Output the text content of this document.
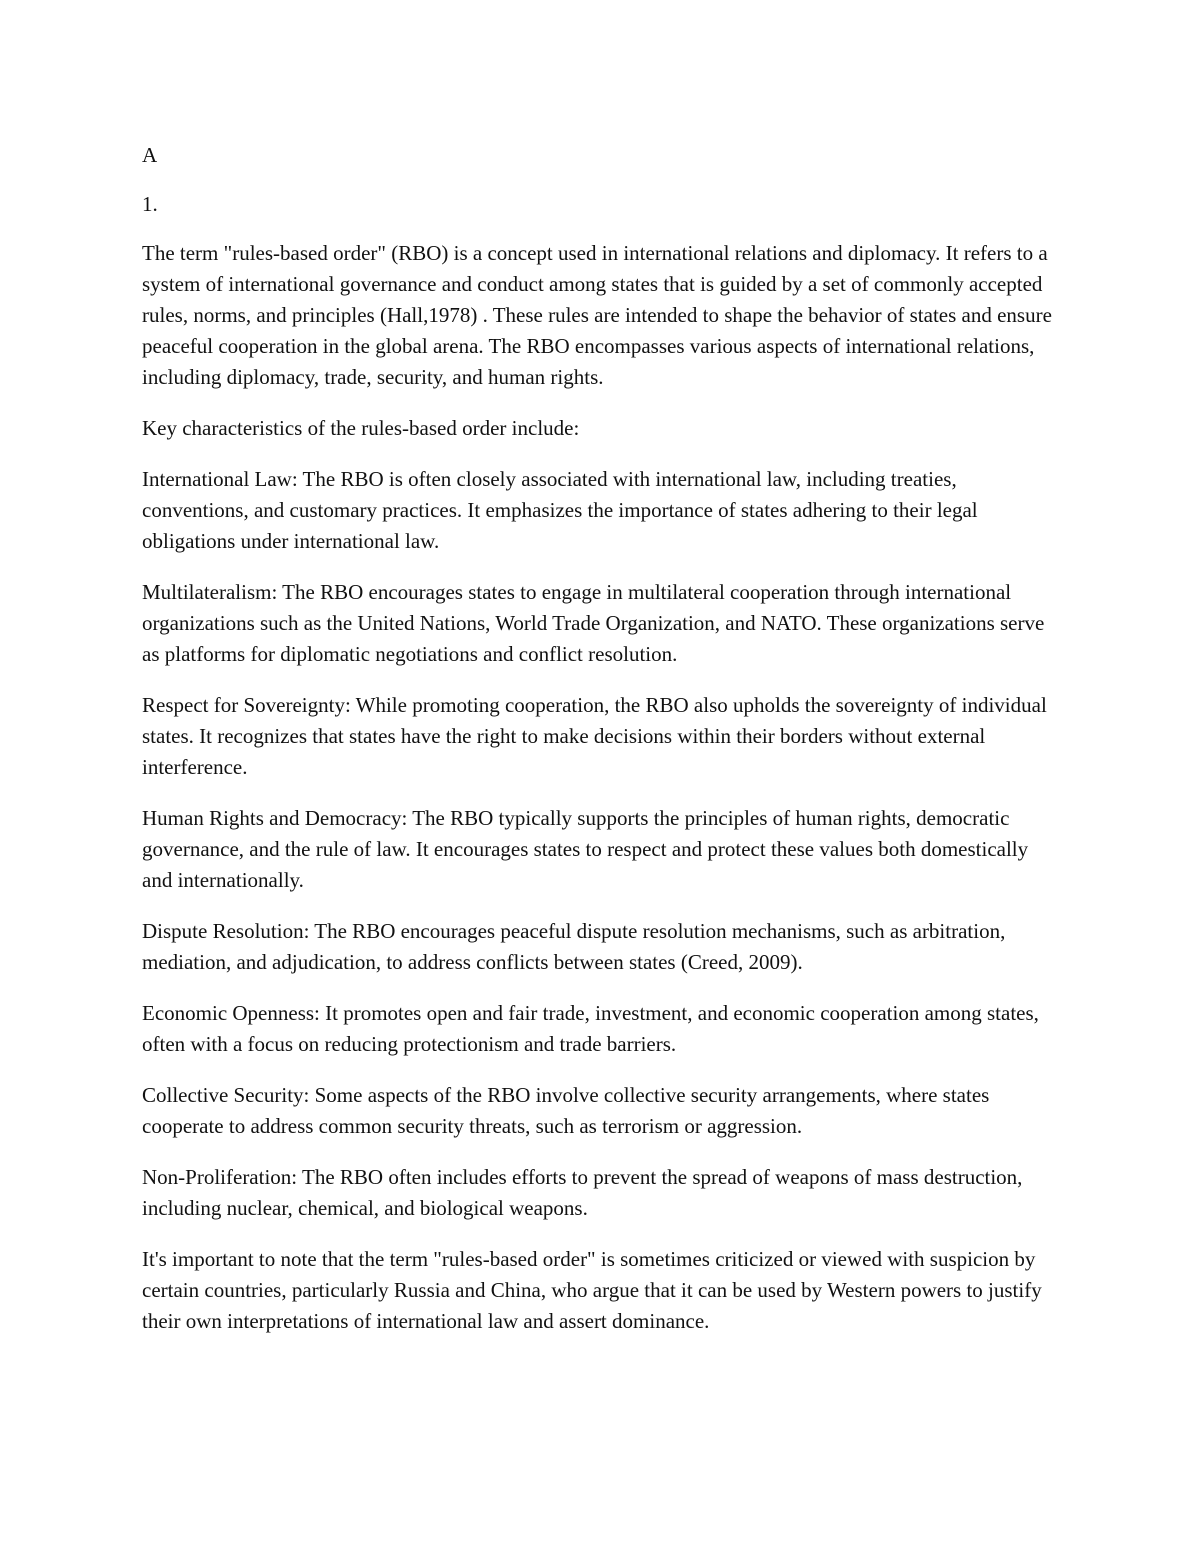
A

1.

The term "rules-based order" (RBO) is a concept used in international relations and diplomacy. It refers to a system of international governance and conduct among states that is guided by a set of commonly accepted rules, norms, and principles (Hall,1978) . These rules are intended to shape the behavior of states and ensure peaceful cooperation in the global arena. The RBO encompasses various aspects of international relations, including diplomacy, trade, security, and human rights.

Key characteristics of the rules-based order include:

International Law: The RBO is often closely associated with international law, including treaties, conventions, and customary practices. It emphasizes the importance of states adhering to their legal obligations under international law.

Multilateralism: The RBO encourages states to engage in multilateral cooperation through international organizations such as the United Nations, World Trade Organization, and NATO. These organizations serve as platforms for diplomatic negotiations and conflict resolution.

Respect for Sovereignty: While promoting cooperation, the RBO also upholds the sovereignty of individual states. It recognizes that states have the right to make decisions within their borders without external interference.

Human Rights and Democracy: The RBO typically supports the principles of human rights, democratic governance, and the rule of law. It encourages states to respect and protect these values both domestically and internationally.

Dispute Resolution: The RBO encourages peaceful dispute resolution mechanisms, such as arbitration, mediation, and adjudication, to address conflicts between states (Creed, 2009).

Economic Openness: It promotes open and fair trade, investment, and economic cooperation among states, often with a focus on reducing protectionism and trade barriers.

Collective Security: Some aspects of the RBO involve collective security arrangements, where states cooperate to address common security threats, such as terrorism or aggression.

Non-Proliferation: The RBO often includes efforts to prevent the spread of weapons of mass destruction, including nuclear, chemical, and biological weapons.

It's important to note that the term "rules-based order" is sometimes criticized or viewed with suspicion by certain countries, particularly Russia and China, who argue that it can be used by Western powers to justify their own interpretations of international law and assert dominance.
